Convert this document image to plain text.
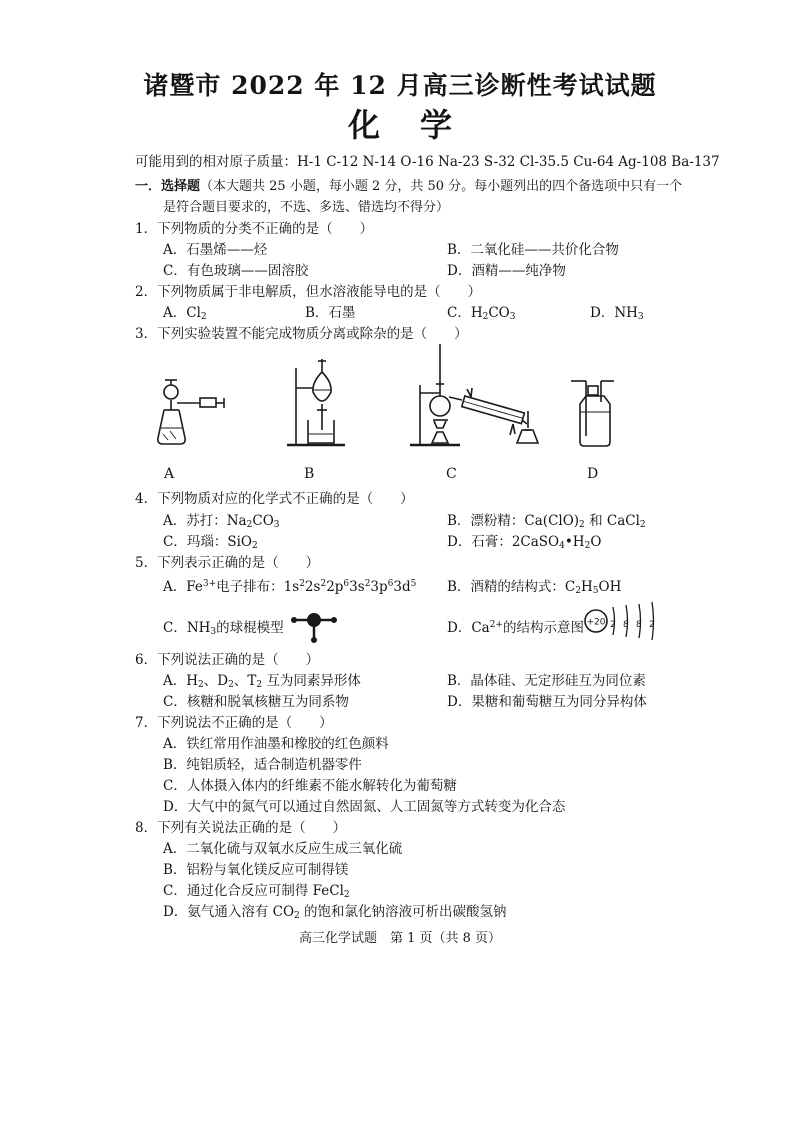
诸暨市 2022 年 12 月高三诊断性考试试题
化学
可能用到的相对原子质量：H-1 C-12 N-14 O-16 Na-23 S-32 Cl-35.5 Cu-64 Ag-108 Ba-137
一．选择题（本大题共 25 小题，每小题 2 分，共 50 分。每小题列出的四个备选项中只有一个
是符合题目要求的，不选、多选、错选均不得分）
1．下列物质的分类不正确的是（　　）
A．石墨烯——烃	B．二氧化硅——共价化合物
C．有色玻璃——固溶胶	D．酒精——纯净物
2．下列物质属于非电解质，但水溶液能导电的是（　　）
A．$Cl_2$	B．石墨	C．$H_2CO_3$	D．$NH_3$
3．下列实验装置不能完成物质分离或除杂的是（　　）
A	B	C	D
4．下列物质对应的化学式不正确的是（　　）
A．苏打：$Na_2CO_3$	B．漂粉精：$Ca(ClO)_2$ 和 CaCl$_2$
C．玛瑙：SiO$_2$	D．石膏：$2CaSO_4•H_2O$
5．下列表示正确的是（　　）
A．$Fe^{3+}$电子排布：$1s^22s^22p^63s^23p^63d^5$ B．酒精的结构式：$C_2H_5OH$
C．$NH_3$的球棍模型	D．$Ca^{2+}$的结构示意图 +20 2 8 8 2
6．下列说法正确的是（　　）
A．$H_2$、$D_2$、$T_2$ 互为同素异形体	B．晶体硅、无定形硅互为同位素
C．核糖和脱氧核糖互为同系物	D．果糖和葡萄糖互为同分异构体
7．下列说法不正确的是（　　）
A．铁红常用作油墨和橡胶的红色颜料
B．纯铝质轻，适合制造机器零件
C．人体摄入体内的纤维素不能水解转化为葡萄糖
D．大气中的氮气可以通过自然固氮、人工固氮等方式转变为化合态
8．下列有关说法正确的是（　　）
A．二氧化硫与双氧水反应生成三氧化硫
B．铝粉与氧化镁反应可制得镁
C．通过化合反应可制得 FeCl$_2$
D．氨气通入溶有 $CO_2$ 的饱和氯化钠溶液可析出碳酸氢钠
高三化学试题　第 1 页（共 8 页）
